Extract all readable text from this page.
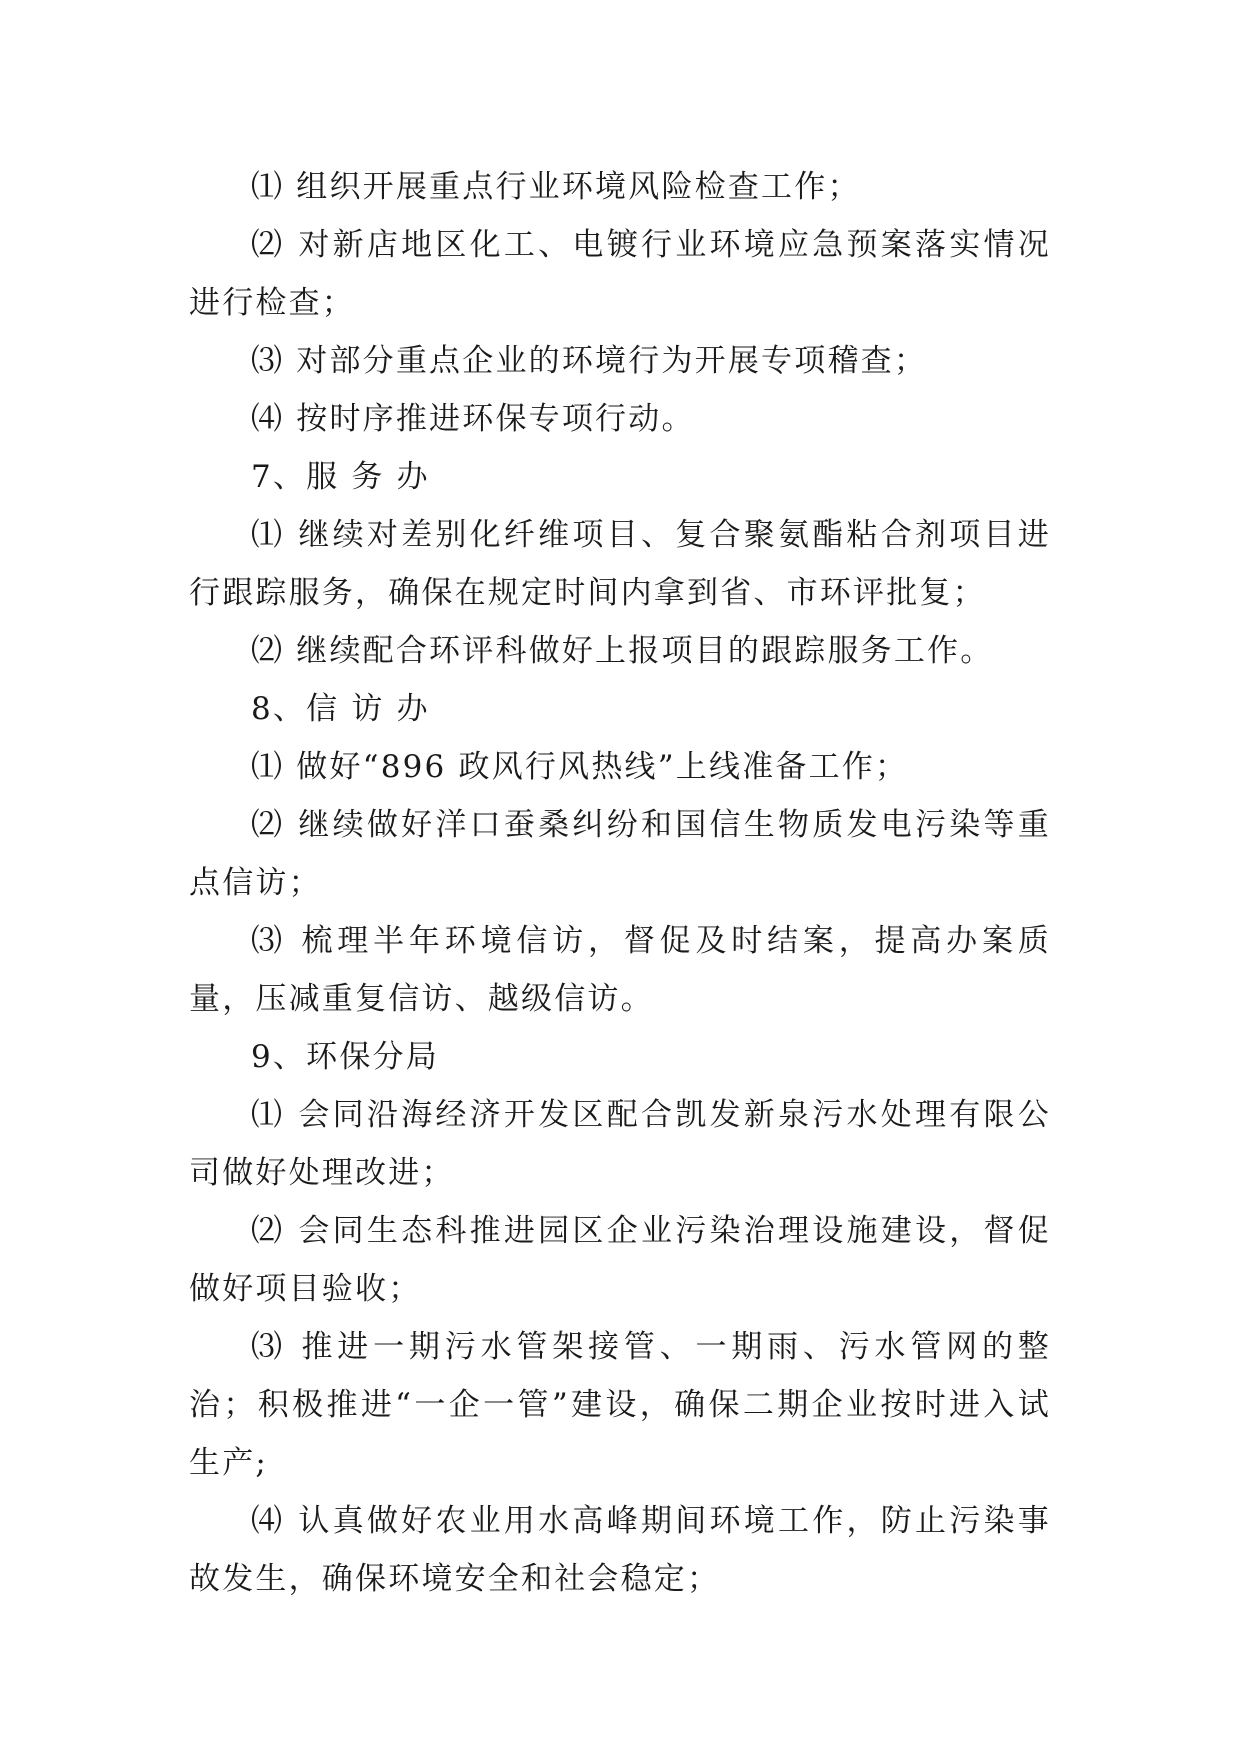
⑴ 组织开展重点行业环境风险检查工作；

⑵ 对新店地区化工、电镀行业环境应急预案落实情况进行检查；

⑶ 对部分重点企业的环境行为开展专项稽查；

⑷ 按时序推进环保专项行动。

7、服 务 办

⑴ 继续对差别化纤维项目、复合聚氨酯粘合剂项目进行跟踪服务，确保在规定时间内拿到省、市环评批复；

⑵ 继续配合环评科做好上报项目的跟踪服务工作。

8、信 访 办

⑴ 做好“896 政风行风热线”上线准备工作；

⑵ 继续做好洋口蚕桑纠纷和国信生物质发电污染等重点信访；

⑶ 梳理半年环境信访，督促及时结案，提高办案质量，压减重复信访、越级信访。

9、环保分局

⑴ 会同沿海经济开发区配合凯发新泉污水处理有限公司做好处理改进；

⑵ 会同生态科推进园区企业污染治理设施建设，督促做好项目验收；

⑶ 推进一期污水管架接管、一期雨、污水管网的整治；积极推进“一企一管”建设，确保二期企业按时进入试生产;

⑷ 认真做好农业用水高峰期间环境工作，防止污染事故发生，确保环境安全和社会稳定；
